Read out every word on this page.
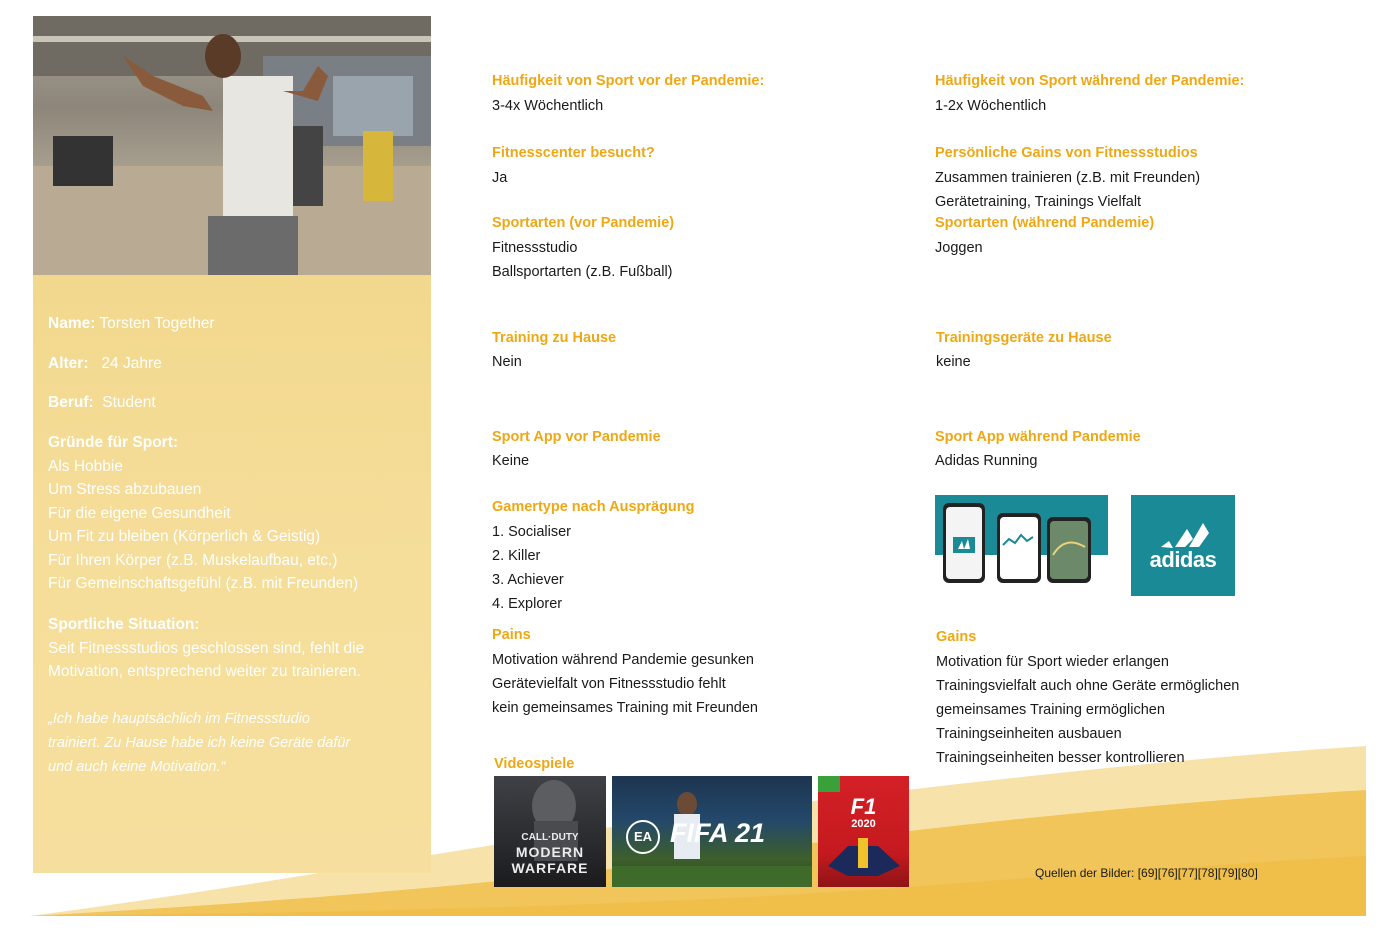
Name: Torsten Together
Alter: 24 Jahre
Beruf: Student
Gründe für Sport:
Als Hobbie
Um Stress abzubauen
Für die eigene Gesundheit
Um Fit zu bleiben (Körperlich & Geistig)
Für Ihren Körper (z.B. Muskelaufbau, etc.)
Für Gemeinschaftsgefühl (z.B. mit Freunden)
Sportliche Situation:
Seit Fitnessstudios geschlossen sind, fehlt die
Motivation, entsprechend weiter zu trainieren.
„Ich habe hauptsächlich im Fitnessstudio
trainiert. Zu Hause habe ich keine Geräte dafür
und auch keine Motivation.“
Häufigkeit von Sport vor der Pandemie:
3-4x Wöchentlich
Fitnesscenter besucht?
Ja
Sportarten (vor Pandemie)
Fitnessstudio
Ballsportarten (z.B. Fußball)
Training zu Hause
Nein
Sport App vor Pandemie
Keine
Gamertype nach Ausprägung
1. Socialiser
2. Killer
3. Achiever
4. Explorer
Pains
Motivation während Pandemie gesunken
Gerätevielfalt von Fitnessstudio fehlt
kein gemeinsames Training mit Freunden
Videospiele
Häufigkeit von Sport während der Pandemie:
1-2x Wöchentlich
Persönliche Gains von Fitnessstudios
Zusammen trainieren (z.B. mit Freunden)
Gerätetraining, Trainings Vielfalt
Sportarten (während Pandemie)
Joggen
Trainingsgeräte zu Hause
keine
Sport App während Pandemie
Adidas Running
adidas
Gains
Motivation für Sport wieder erlangen
Trainingsvielfalt auch ohne Geräte ermöglichen
gemeinsames Training ermöglichen
Trainingseinheiten ausbauen
Trainingseinheiten besser kontrollieren
CALL·DUTY
MODERN
WARFARE
EA FIFA 21
F1
2020
Quellen der Bilder: [69][76][77][78][79][80]
